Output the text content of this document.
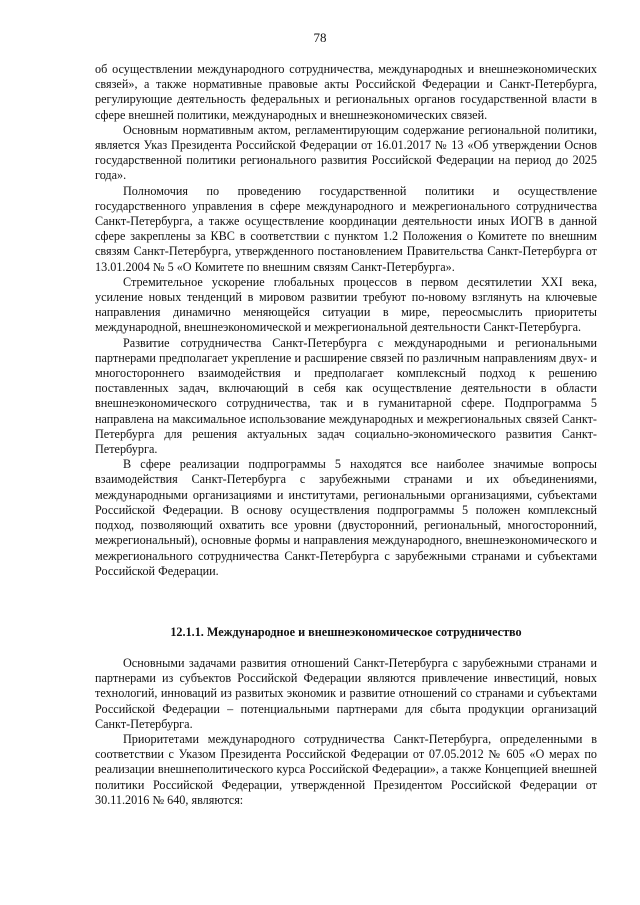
78

об осуществлении международного сотрудничества, международных и внешнеэкономических связей», а также нормативные правовые акты Российской Федерации и Санкт-Петербурга, регулирующие деятельность федеральных и региональных органов государственной власти в сфере внешней политики, международных и внешнеэкономических связей.

Основным нормативным актом, регламентирующим содержание региональной политики, является Указ Президента Российской Федерации от 16.01.2017 № 13 «Об утверждении Основ государственной политики регионального развития Российской Федерации на период до 2025 года».

Полномочия по проведению государственной политики и осуществление государственного управления в сфере международного и межрегионального сотрудничества Санкт-Петербурга, а также осуществление координации деятельности иных ИОГВ в данной сфере закреплены за КВС в соответствии с пунктом 1.2 Положения о Комитете по внешним связям Санкт-Петербурга, утвержденного постановлением Правительства Санкт-Петербурга от 13.01.2004 № 5 «О Комитете по внешним связям Санкт-Петербурга».

Стремительное ускорение глобальных процессов в первом десятилетии XXI века, усиление новых тенденций в мировом развитии требуют по-новому взглянуть на ключевые направления динамично меняющейся ситуации в мире, переосмыслить приоритеты международной, внешнеэкономической и межрегиональной деятельности Санкт-Петербурга.

Развитие сотрудничества Санкт-Петербурга с международными и региональными партнерами предполагает укрепление и расширение связей по различным направлениям двух- и многостороннего взаимодействия и предполагает комплексный подход к решению поставленных задач, включающий в себя как осуществление деятельности в области внешнеэкономического сотрудничества, так и в гуманитарной сфере. Подпрограмма 5 направлена на максимальное использование международных и межрегиональных связей Санкт-Петербурга для решения актуальных задач социально-экономического развития Санкт-Петербурга.

В сфере реализации подпрограммы 5 находятся все наиболее значимые вопросы взаимодействия Санкт-Петербурга с зарубежными странами и их объединениями, международными организациями и институтами, региональными организациями, субъектами Российской Федерации. В основу осуществления подпрограммы 5 положен комплексный подход, позволяющий охватить все уровни (двусторонний, региональный, многосторонний, межрегиональный), основные формы и направления международного, внешнеэкономического и межрегионального сотрудничества Санкт-Петербурга с зарубежными странами и субъектами Российской Федерации.

12.1.1. Международное и внешнеэкономическое сотрудничество

Основными задачами развития отношений Санкт-Петербурга с зарубежными странами и партнерами из субъектов Российской Федерации являются привлечение инвестиций, новых технологий, инноваций из развитых экономик и развитие отношений со странами и субъектами Российской Федерации – потенциальными партнерами для сбыта продукции организаций Санкт-Петербурга.

Приоритетами международного сотрудничества Санкт-Петербурга, определенными в соответствии с Указом Президента Российской Федерации от 07.05.2012 № 605 «О мерах по реализации внешнеполитического курса Российской Федерации», а также Концепцией внешней политики Российской Федерации, утвержденной Президентом Российской Федерации от 30.11.2016 № 640, являются:
